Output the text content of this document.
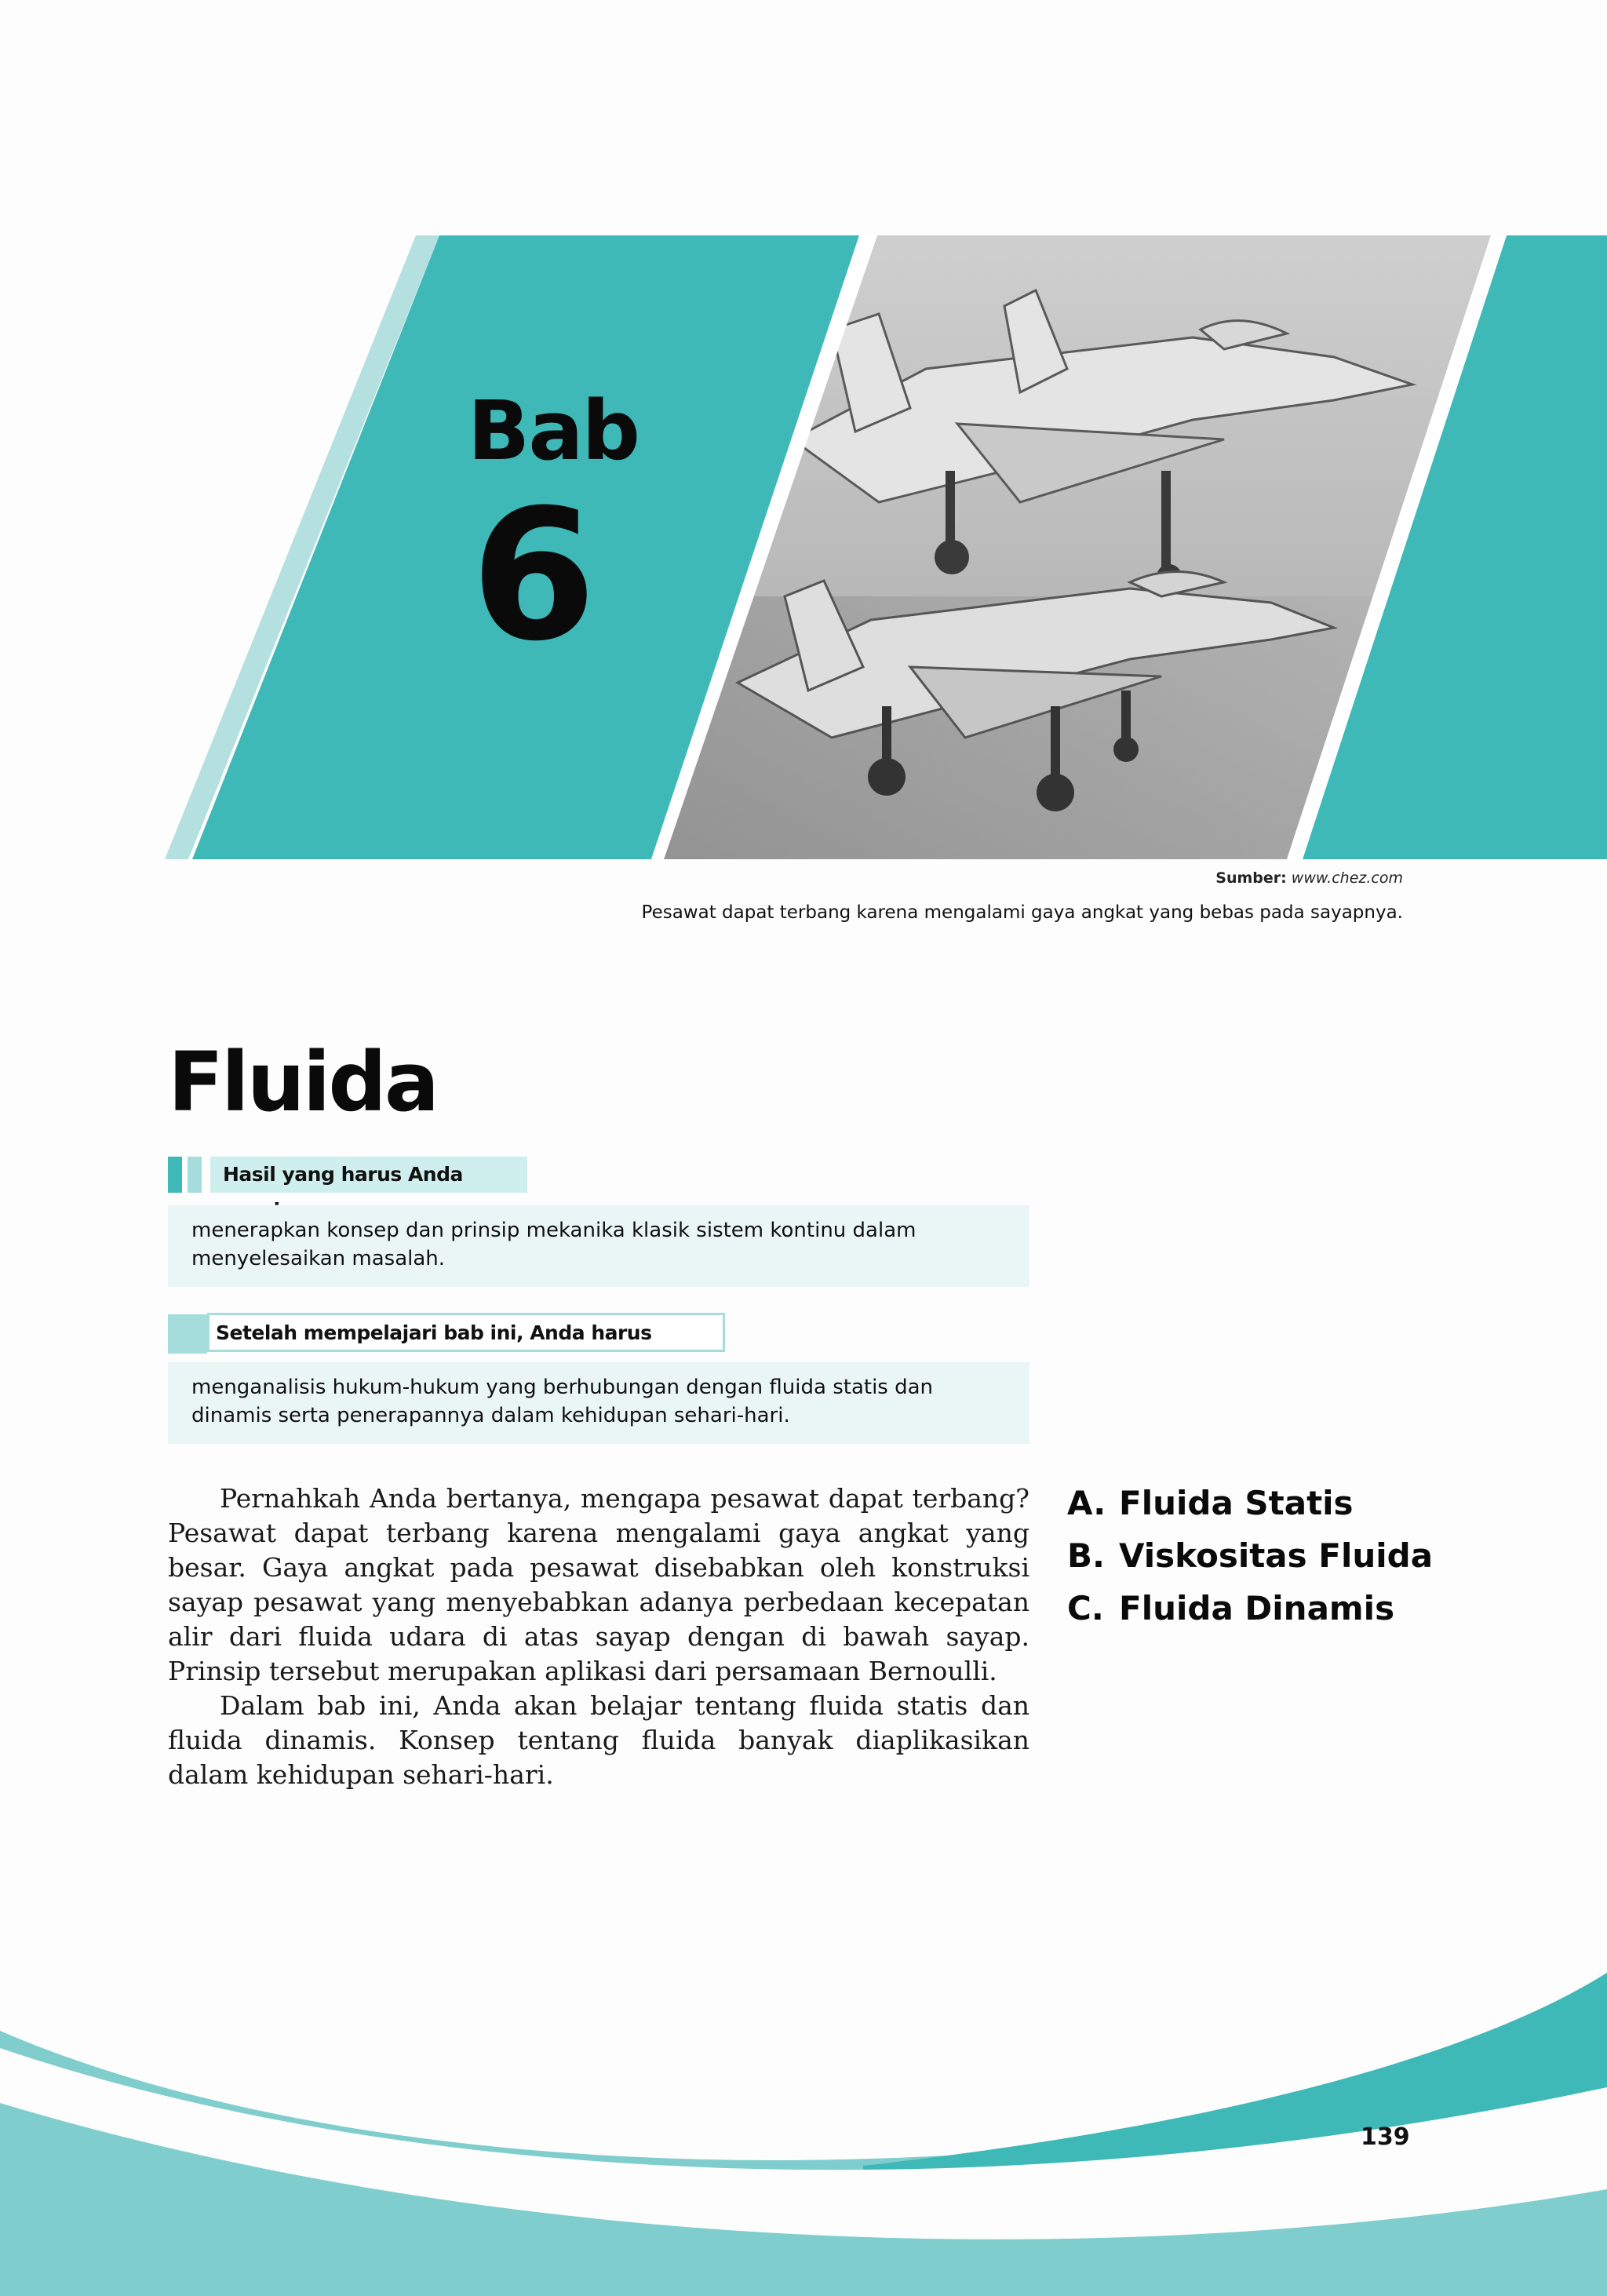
Bab
6
Sumber: www.chez.com
Pesawat dapat terbang karena mengalami gaya angkat yang bebas pada sayapnya.
Fluida
Hasil yang harus Anda
menerapkan konsep dan prinsip mekanika klasik sistem kontinu dalam menyelesaikan masalah.
Setelah mempelajari bab ini, Anda harus
menganalisis hukum-hukum yang berhubungan dengan fluida statis dan dinamis serta penerapannya dalam kehidupan sehari-hari.

Pernahkah Anda bertanya, mengapa pesawat dapat terbang? Pesawat dapat terbang karena mengalami gaya angkat yang besar. Gaya angkat pada pesawat disebabkan oleh konstruksi sayap pesawat yang menyebabkan adanya perbedaan kecepatan alir dari fluida udara di atas sayap dengan di bawah sayap. Prinsip tersebut merupakan aplikasi dari persamaan Bernoulli.

Dalam bab ini, Anda akan belajar tentang fluida statis dan fluida dinamis. Konsep tentang fluida banyak diaplikasikan dalam kehidupan sehari-hari.

A. Fluida Statis
B. Viskositas Fluida
C. Fluida Dinamis
139
